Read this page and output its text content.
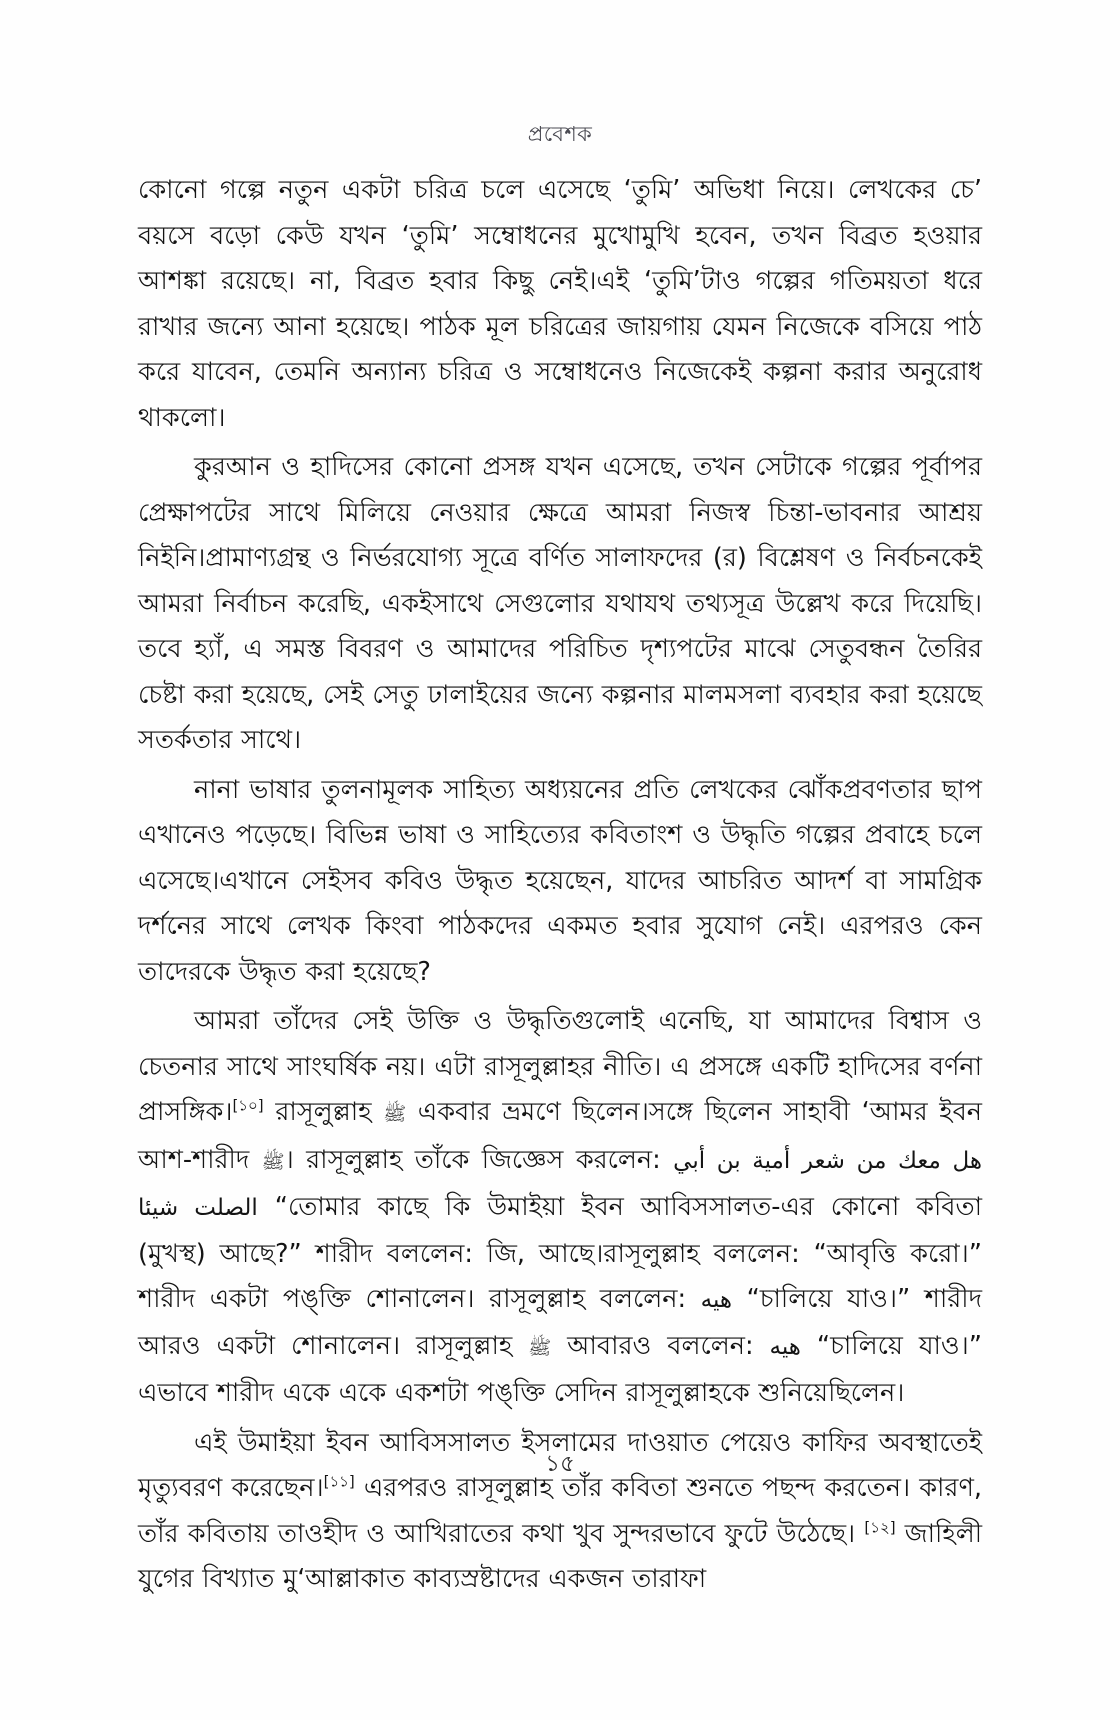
প্রবেশক

কোনো গল্পে নতুন একটা চরিত্র চলে এসেছে ‘তুমি’ অভিধা নিয়ে। লেখকের চে’ বয়সে বড়ো কেউ যখন ‘তুমি’ সম্বোধনের মুখোমুখি হবেন, তখন বিব্রত হওয়ার আশঙ্কা রয়েছে। না, বিব্রত হবার কিছু নেই।এই ‘তুমি’টাও গল্পের গতিময়তা ধরে রাখার জন্যে আনা হয়েছে। পাঠক মূল চরিত্রের জায়গায় যেমন নিজেকে বসিয়ে পাঠ করে যাবেন, তেমনি অন্যান্য চরিত্র ও সম্বোধনেও নিজেকেই কল্পনা করার অনুরোধ থাকলো।

কুরআন ও হাদিসের কোনো প্রসঙ্গ যখন এসেছে, তখন সেটাকে গল্পের পূর্বাপর প্রেক্ষাপটের সাথে মিলিয়ে নেওয়ার ক্ষেত্রে আমরা নিজস্ব চিন্তা-ভাবনার আশ্রয় নিইনি।প্রামাণ্যগ্রন্থ ও নির্ভরযোগ্য সূত্রে বর্ণিত সালাফদের (র) বিশ্লেষণ ও নির্বচনকেই আমরা নির্বাচন করেছি, একইসাথে সেগুলোর যথাযথ তথ্যসূত্র উল্লেখ করে দিয়েছি। তবে হ্যাঁ, এ সমস্ত বিবরণ ও আমাদের পরিচিত দৃশ্যপটের মাঝে সেতুবন্ধন তৈরির চেষ্টা করা হয়েছে, সেই সেতু ঢালাইয়ের জন্যে কল্পনার মালমসলা ব্যবহার করা হয়েছে সতর্কতার সাথে।

নানা ভাষার তুলনামূলক সাহিত্য অধ্যয়নের প্রতি লেখকের ঝোঁকপ্রবণতার ছাপ এখানেও পড়েছে। বিভিন্ন ভাষা ও সাহিত্যের কবিতাংশ ও উদ্ধৃতি গল্পের প্রবাহে চলে এসেছে।এখানে সেইসব কবিও উদ্ধৃত হয়েছেন, যাদের আচরিত আদর্শ বা সামগ্রিক দর্শনের সাথে লেখক কিংবা পাঠকদের একমত হবার সুযোগ নেই। এরপরও কেন তাদেরকে উদ্ধৃত করা হয়েছে?

আমরা তাঁদের সেই উক্তি ও উদ্ধৃতিগুলোই এনেছি, যা আমাদের বিশ্বাস ও চেতনার সাথে সাংঘর্ষিক নয়। এটা রাসূলুল্লাহর নীতি। এ প্রসঙ্গে একটি হাদিসের বর্ণনা প্রাসঙ্গিক।[১০] রাসূলুল্লাহ ﷺ একবার ভ্রমণে ছিলেন।সঙ্গে ছিলেন সাহাবী ‘আমর ইবন আশ-শারীদ ﷺ। রাসূলুল্লাহ তাঁকে জিজ্ঞেস করলেন: هل معك من شعر أمية بن أبي الصلت شيئا “তোমার কাছে কি উমাইয়া ইবন আবিসসালত-এর কোনো কবিতা (মুখস্থ) আছে?” শারীদ বললেন: জি, আছে।রাসূলুল্লাহ বললেন: “আবৃত্তি করো।” শারীদ একটা পঙ্‌ক্তি শোনালেন। রাসূলুল্লাহ বললেন: هيه “চালিয়ে যাও।” শারীদ আরও একটা শোনালেন। রাসূলুল্লাহ ﷺ আবারও বললেন: هيه “চালিয়ে যাও।” এভাবে শারীদ একে একে একশটা পঙ্‌ক্তি সেদিন রাসূলুল্লাহকে শুনিয়েছিলেন।

এই উমাইয়া ইবন আবিসসালত ইসলামের দাওয়াত পেয়েও কাফির অবস্থাতেই মৃত্যুবরণ করেছেন।[১১] এরপরও রাসূলুল্লাহ তাঁর কবিতা শুনতে পছন্দ করতেন। কারণ, তাঁর কবিতায় তাওহীদ ও আখিরাতের কথা খুব সুন্দরভাবে ফুটে উঠেছে। [১২] জাহিলী যুগের বিখ্যাত মু‘আল্লাকাত কাব্যস্রষ্টাদের একজন তারাফা

১৫
